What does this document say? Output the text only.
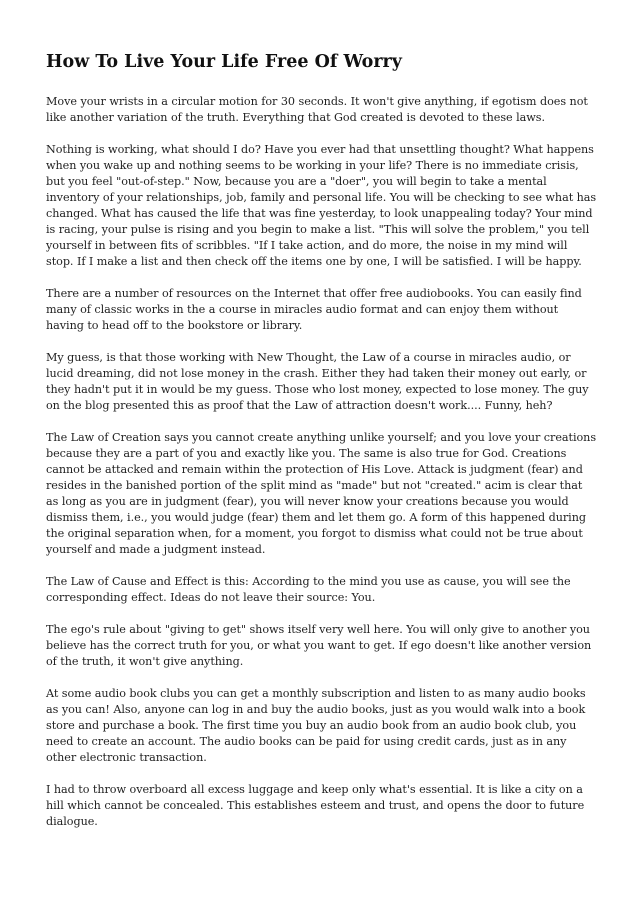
How To Live Your Life Free Of Worry

Move your wrists in a circular motion for 30 seconds. It won't give anything, if egotism does not like another variation of the truth. Everything that God created is devoted to these laws.

Nothing is working, what should I do? Have you ever had that unsettling thought? What happens when you wake up and nothing seems to be working in your life? There is no immediate crisis, but you feel "out-of-step." Now, because you are a "doer", you will begin to take a mental inventory of your relationships, job, family and personal life. You will be checking to see what has changed. What has caused the life that was fine yesterday, to look unappealing today? Your mind is racing, your pulse is rising and you begin to make a list. "This will solve the problem," you tell yourself in between fits of scribbles. "If I take action, and do more, the noise in my mind will stop. If I make a list and then check off the items one by one, I will be satisfied. I will be happy.

There are a number of resources on the Internet that offer free audiobooks. You can easily find many of classic works in the a course in miracles audio format and can enjoy them without having to head off to the bookstore or library.

My guess, is that those working with New Thought, the Law of a course in miracles audio, or lucid dreaming, did not lose money in the crash. Either they had taken their money out early, or they hadn't put it in would be my guess. Those who lost money, expected to lose money. The guy on the blog presented this as proof that the Law of attraction doesn't work.... Funny, heh?

The Law of Creation says you cannot create anything unlike yourself; and you love your creations because they are a part of you and exactly like you. The same is also true for God. Creations cannot be attacked and remain within the protection of His Love. Attack is judgment (fear) and resides in the banished portion of the split mind as "made" but not "created." acim is clear that as long as you are in judgment (fear), you will never know your creations because you would dismiss them, i.e., you would judge (fear) them and let them go. A form of this happened during the original separation when, for a moment, you forgot to dismiss what could not be true about yourself and made a judgment instead.

The Law of Cause and Effect is this: According to the mind you use as cause, you will see the corresponding effect. Ideas do not leave their source: You.

The ego's rule about "giving to get" shows itself very well here. You will only give to another you believe has the correct truth for you, or what you want to get. If ego doesn't like another version of the truth, it won't give anything.

At some audio book clubs you can get a monthly subscription and listen to as many audio books as you can! Also, anyone can log in and buy the audio books, just as you would walk into a book store and purchase a book. The first time you buy an audio book from an audio book club, you need to create an account. The audio books can be paid for using credit cards, just as in any other electronic transaction.

I had to throw overboard all excess luggage and keep only what's essential. It is like a city on a hill which cannot be concealed. This establishes esteem and trust, and opens the door to future dialogue.
